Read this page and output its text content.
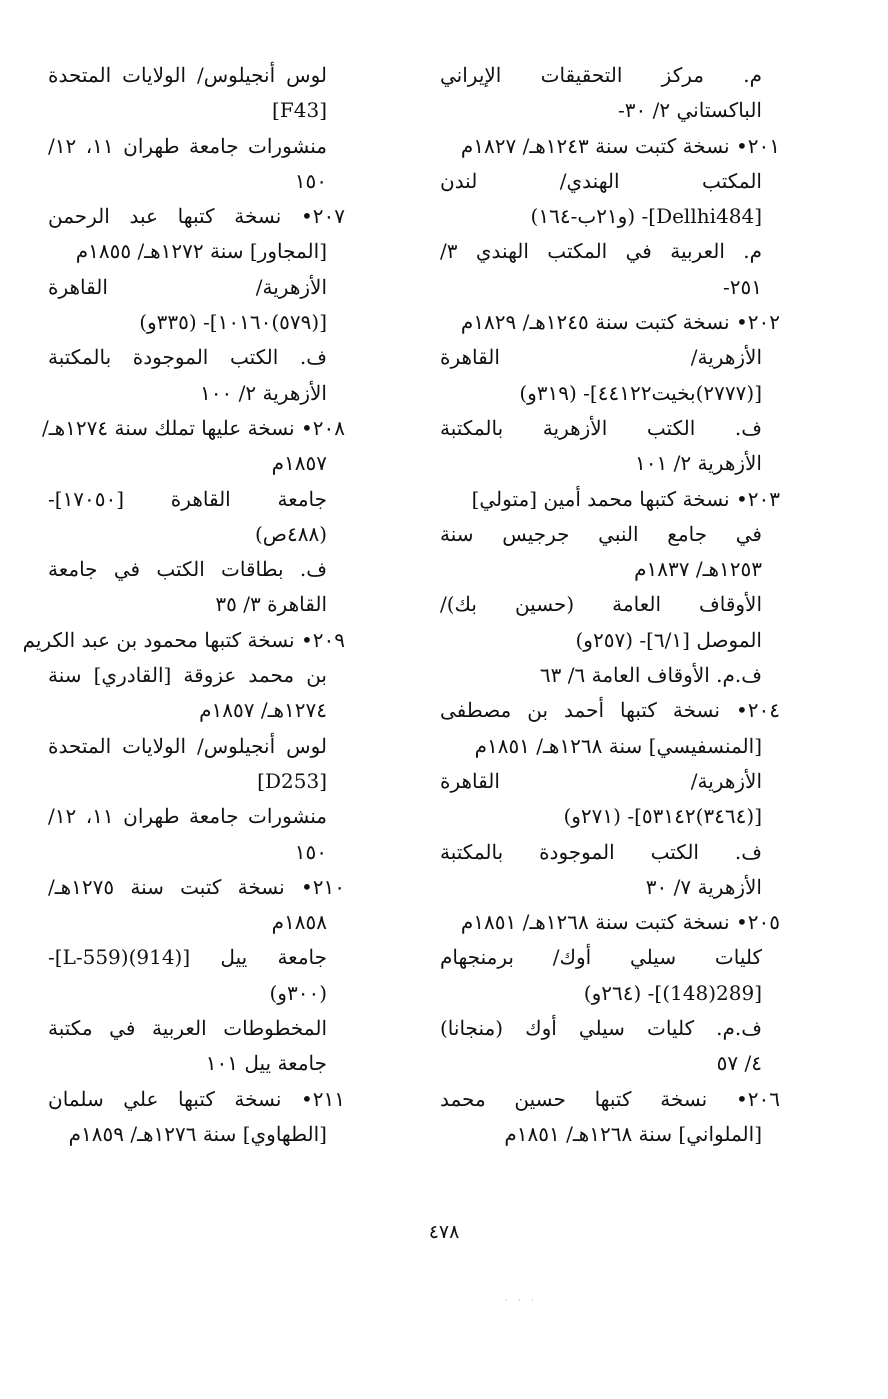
م. مركز التحقيقات الإيراني
الباكستاني ٢/ ٣٠-
٢٠١• نسخة كتبت سنة ١٢٤٣هـ/ ١٨٢٧م
المكتب الهندي/ لندن
[Dellhi484]- (و٢١ب-١٦٤)
م. العربية في المكتب الهندي ٣/
٢٥١-
٢٠٢• نسخة كتبت سنة ١٢٤٥هـ/ ١٨٢٩م
الأزهرية/ القاهرة
[(٢٧٧٧)بخيت٤٤١٢٢]- (٣١٩و)
ف. الكتب الأزهرية بالمكتبة
الأزهرية ٢/ ١٠١
٢٠٣• نسخة كتبها محمد أمين [متولي]
في جامع النبي جرجيس سنة
١٢٥٣هـ/ ١٨٣٧م
الأوقاف العامة (حسين بك)/
الموصل [٦/١]- (٢٥٧و)
ف.م. الأوقاف العامة ٦/ ٦٣
٢٠٤• نسخة كتبها أحمد بن مصطفى
[المنسفيسي] سنة ١٢٦٨هـ/ ١٨٥١م
الأزهرية/ القاهرة
[(٣٤٦٤)٥٣١٤٢]- (٢٧١و)
ف. الكتب الموجودة بالمكتبة
الأزهرية ٧/ ٣٠
٢٠٥• نسخة كتبت سنة ١٢٦٨هـ/ ١٨٥١م
كليات سيلي أوك/ برمنجهام
[289(148)]- (٢٦٤و)
ف.م. كليات سيلي أوك (منجانا)
٤/ ٥٧
٢٠٦• نسخة كتبها حسين محمد
[الملواني] سنة ١٢٦٨هـ/ ١٨٥١م
لوس أنجيلوس/ الولايات المتحدة
[F43]
منشورات جامعة طهران ١١، ١٢/
١٥٠
٢٠٧• نسخة كتبها عبد الرحمن
[المجاور] سنة ١٢٧٢هـ/ ١٨٥٥م
الأزهرية/ القاهرة
[(٥٧٩)١٠١٦٠]- (٣٣٥و)
ف. الكتب الموجودة بالمكتبة
الأزهرية ٢/ ١٠٠
٢٠٨• نسخة عليها تملك سنة ١٢٧٤هـ/
١٨٥٧م
جامعة القاهرة [١٧٠٥٠]-
(٤٨٨ص)
ف. بطاقات الكتب في جامعة
القاهرة ٣/ ٣٥
٢٠٩• نسخة كتبها محمود بن عبد الكريم
بن محمد عزوقة [القادري] سنة
١٢٧٤هـ/ ١٨٥٧م
لوس أنجيلوس/ الولايات المتحدة
[D253]
منشورات جامعة طهران ١١، ١٢/
١٥٠
٢١٠• نسخة كتبت سنة ١٢٧٥هـ/
١٨٥٨م
جامعة ييل [L-559)(914)]-
(٣٠٠و)
المخطوطات العربية في مكتبة
جامعة ييل ١٠١
٢١١• نسخة كتبها علي سلمان
[الطهاوي] سنة ١٢٧٦هـ/ ١٨٥٩م
٤٧٨
· · ·
